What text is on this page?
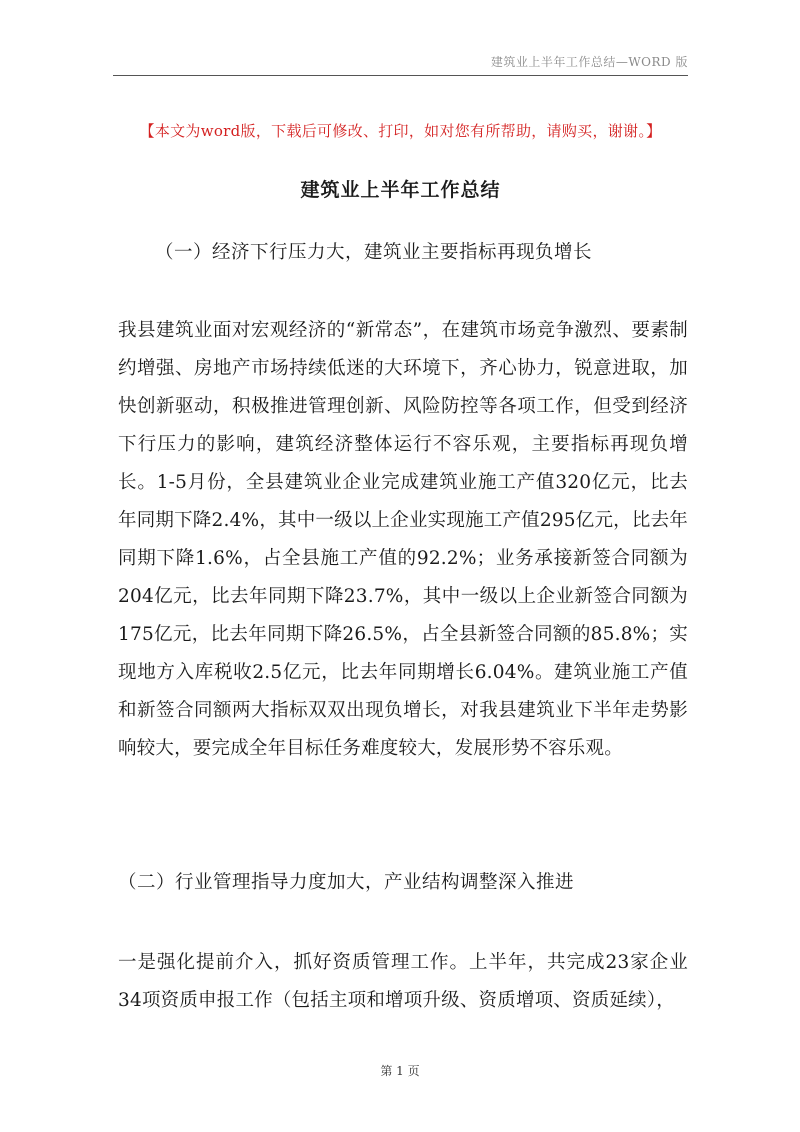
建筑业上半年工作总结—WORD 版
【本文为word版，下载后可修改、打印，如对您有所帮助，请购买，谢谢。】
建筑业上半年工作总结
（一）经济下行压力大，建筑业主要指标再现负增长
我县建筑业面对宏观经济的“新常态”，在建筑市场竞争激烈、要素制约增强、房地产市场持续低迷的大环境下，齐心协力，锐意进取，加快创新驱动，积极推进管理创新、风险防控等各项工作，但受到经济下行压力的影响，建筑经济整体运行不容乐观，主要指标再现负增长。1-5月份，全县建筑业企业完成建筑业施工产值320亿元，比去年同期下降2.4%，其中一级以上企业实现施工产值295亿元，比去年同期下降1.6%，占全县施工产值的92.2%；业务承接新签合同额为204亿元，比去年同期下降23.7%，其中一级以上企业新签合同额为175亿元，比去年同期下降26.5%，占全县新签合同额的85.8%；实现地方入库税收2.5亿元，比去年同期增长6.04%。建筑业施工产值和新签合同额两大指标双双出现负增长，对我县建筑业下半年走势影响较大，要完成全年目标任务难度较大，发展形势不容乐观。
（二）行业管理指导力度加大，产业结构调整深入推进
一是强化提前介入，抓好资质管理工作。上半年，共完成23家企业34项资质申报工作（包括主项和增项升级、资质增项、资质延续），
第 1 页
